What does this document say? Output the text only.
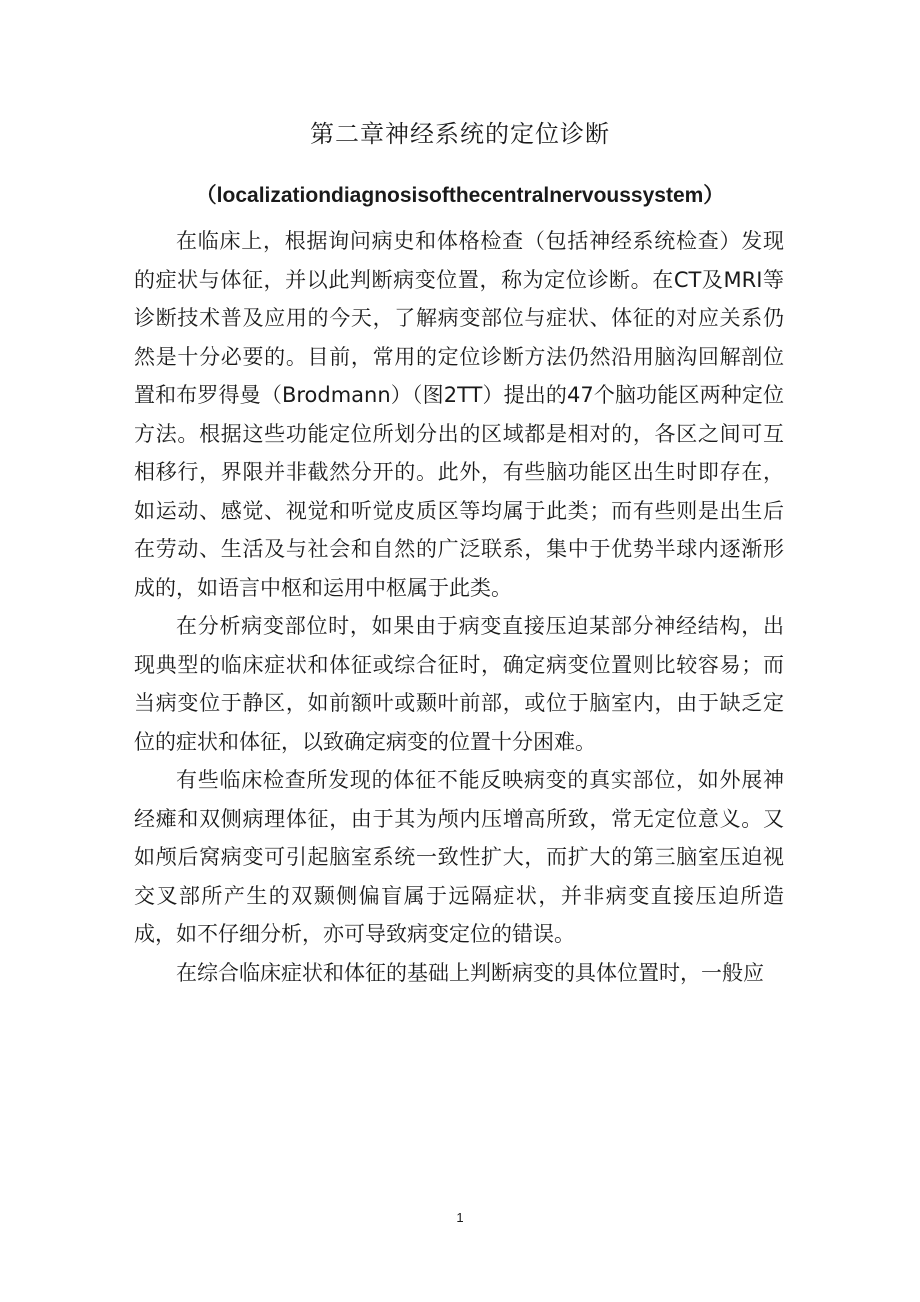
第二章神经系统的定位诊断
（localizationdiagnosisofthecentralnervoussystem）

在临床上，根据询问病史和体格检查（包括神经系统检查）发现的症状与体征，并以此判断病变位置，称为定位诊断。在CT及MRI等诊断技术普及应用的今天，了解病变部位与症状、体征的对应关系仍然是十分必要的。目前，常用的定位诊断方法仍然沿用脑沟回解剖位置和布罗得曼（Brodmann）（图2TT）提出的47个脑功能区两种定位方法。根据这些功能定位所划分出的区域都是相对的，各区之间可互相移行，界限并非截然分开的。此外，有些脑功能区出生时即存在，如运动、感觉、视觉和听觉皮质区等均属于此类；而有些则是出生后在劳动、生活及与社会和自然的广泛联系，集中于优势半球内逐渐形成的，如语言中枢和运用中枢属于此类。

在分析病变部位时，如果由于病变直接压迫某部分神经结构，出现典型的临床症状和体征或综合征时，确定病变位置则比较容易；而当病变位于静区，如前额叶或颞叶前部，或位于脑室内，由于缺乏定位的症状和体征，以致确定病变的位置十分困难。

有些临床检查所发现的体征不能反映病变的真实部位，如外展神经瘫和双侧病理体征，由于其为颅内压增高所致，常无定位意义。又如颅后窝病变可引起脑室系统一致性扩大，而扩大的第三脑室压迫视交叉部所产生的双颞侧偏盲属于远隔症状，并非病变直接压迫所造成，如不仔细分析，亦可导致病变定位的错误。

在综合临床症状和体征的基础上判断病变的具体位置时，一般应

1
